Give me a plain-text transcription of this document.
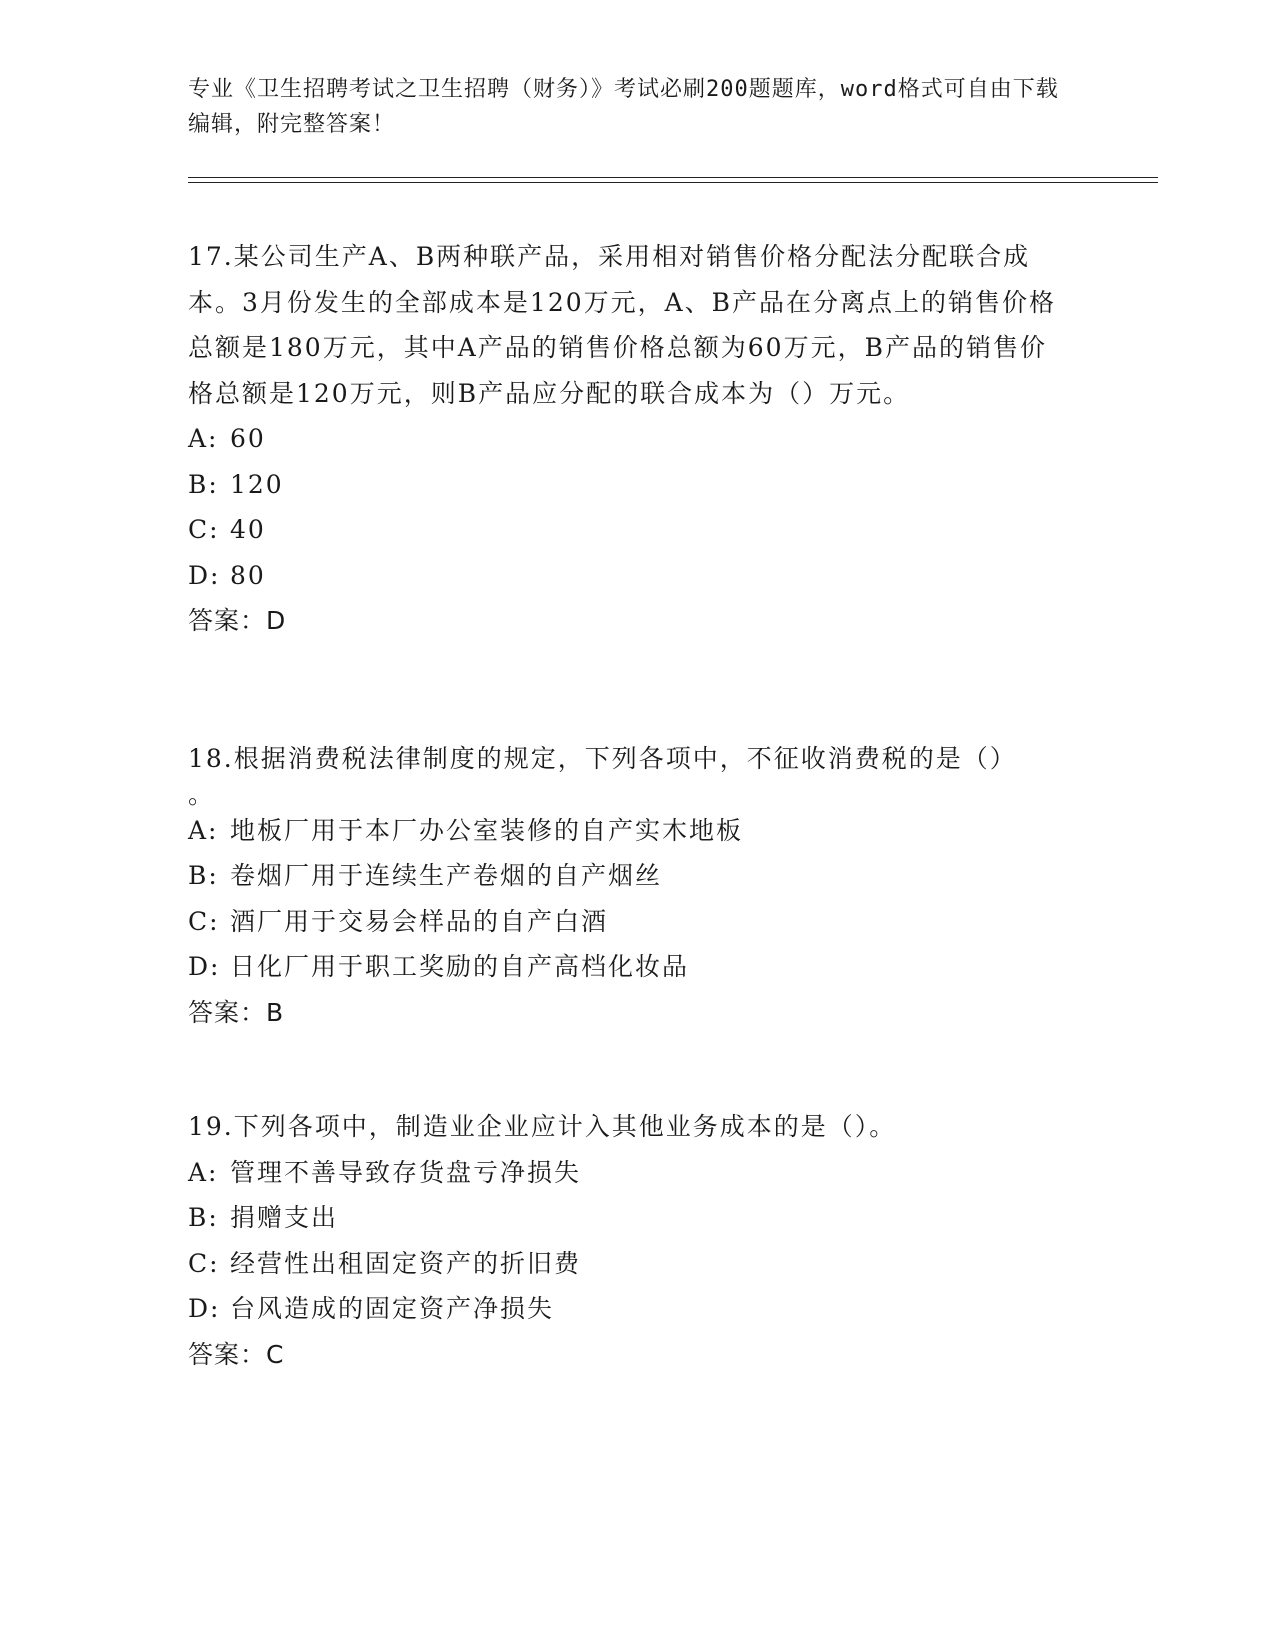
专业《卫生招聘考试之卫生招聘（财务）》考试必刷200题题库，word格式可自由下载编辑，附完整答案！

17.某公司生产A、B两种联产品，采用相对销售价格分配法分配联合成本。3月份发生的全部成本是120万元，A、B产品在分离点上的销售价格总额是180万元，其中A产品的销售价格总额为60万元，B产品的销售价格总额是120万元，则B产品应分配的联合成本为（）万元。

A: 60
B: 120
C: 40
D: 80
答案：D

18.根据消费税法律制度的规定，下列各项中，不征收消费税的是（）
。

A: 地板厂用于本厂办公室装修的自产实木地板
B: 卷烟厂用于连续生产卷烟的自产烟丝
C: 酒厂用于交易会样品的自产白酒
D: 日化厂用于职工奖励的自产高档化妆品
答案：B

19.下列各项中，制造业企业应计入其他业务成本的是（）。

A: 管理不善导致存货盘亏净损失
B: 捐赠支出
C: 经营性出租固定资产的折旧费
D: 台风造成的固定资产净损失
答案：C
